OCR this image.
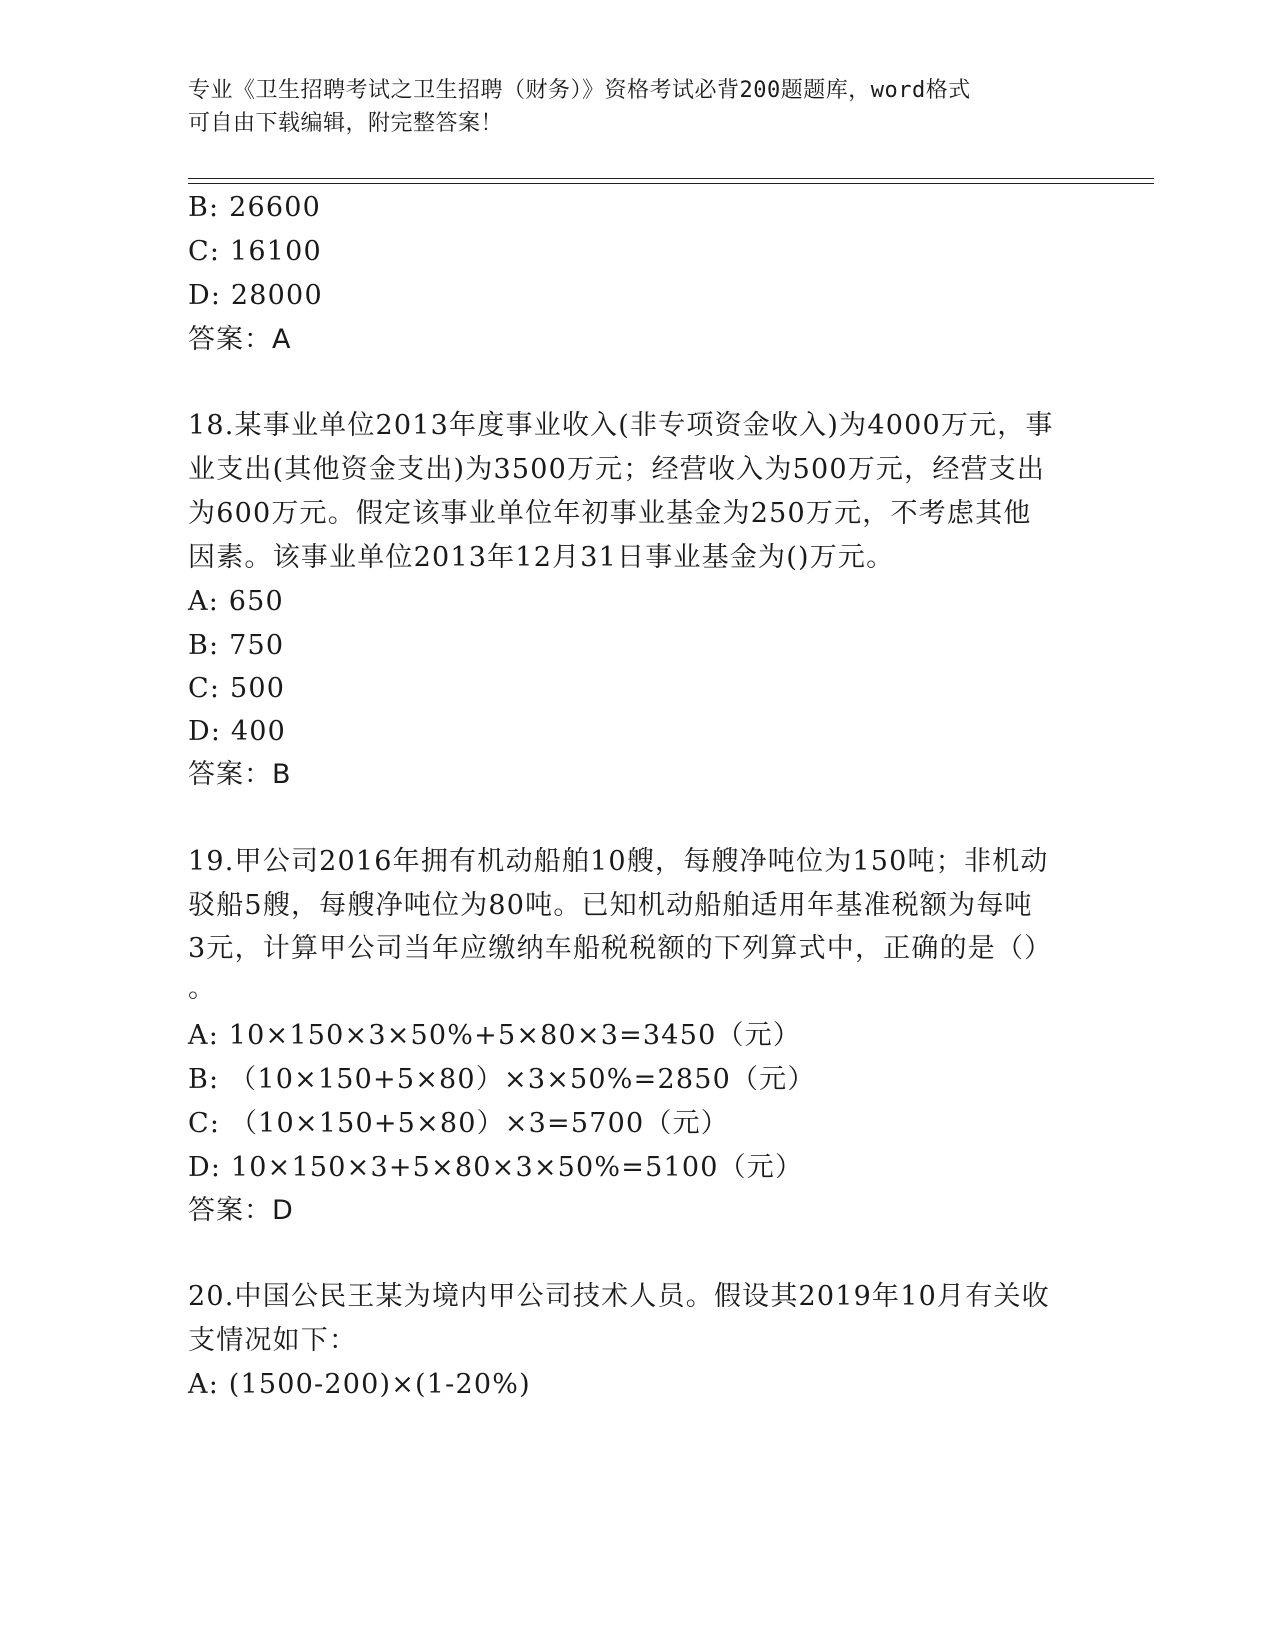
专业《卫生招聘考试之卫生招聘（财务）》资格考试必背200题题库，word格式
可自由下载编辑，附完整答案！
B: 26600
C: 16100
D: 28000
答案：A
18.某事业单位2013年度事业收入(非专项资金收入)为4000万元，事
业支出(其他资金支出)为3500万元；经营收入为500万元，经营支出
为600万元。假定该事业单位年初事业基金为250万元，不考虑其他
因素。该事业单位2013年12月31日事业基金为()万元。
A: 650
B: 750
C: 500
D: 400
答案：B
19.甲公司2016年拥有机动船舶10艘，每艘净吨位为150吨；非机动
驳船5艘，每艘净吨位为80吨。已知机动船舶适用年基准税额为每吨
3元，计算甲公司当年应缴纳车船税税额的下列算式中，正确的是（）
。
A: 10×150×3×50%+5×80×3=3450（元）
B: （10×150+5×80）×3×50%=2850（元）
C: （10×150+5×80）×3=5700（元）
D: 10×150×3+5×80×3×50%=5100（元）
答案：D
20.中国公民王某为境内甲公司技术人员。假设其2019年10月有关收
支情况如下：
A: (1500-200)×(1-20%)
